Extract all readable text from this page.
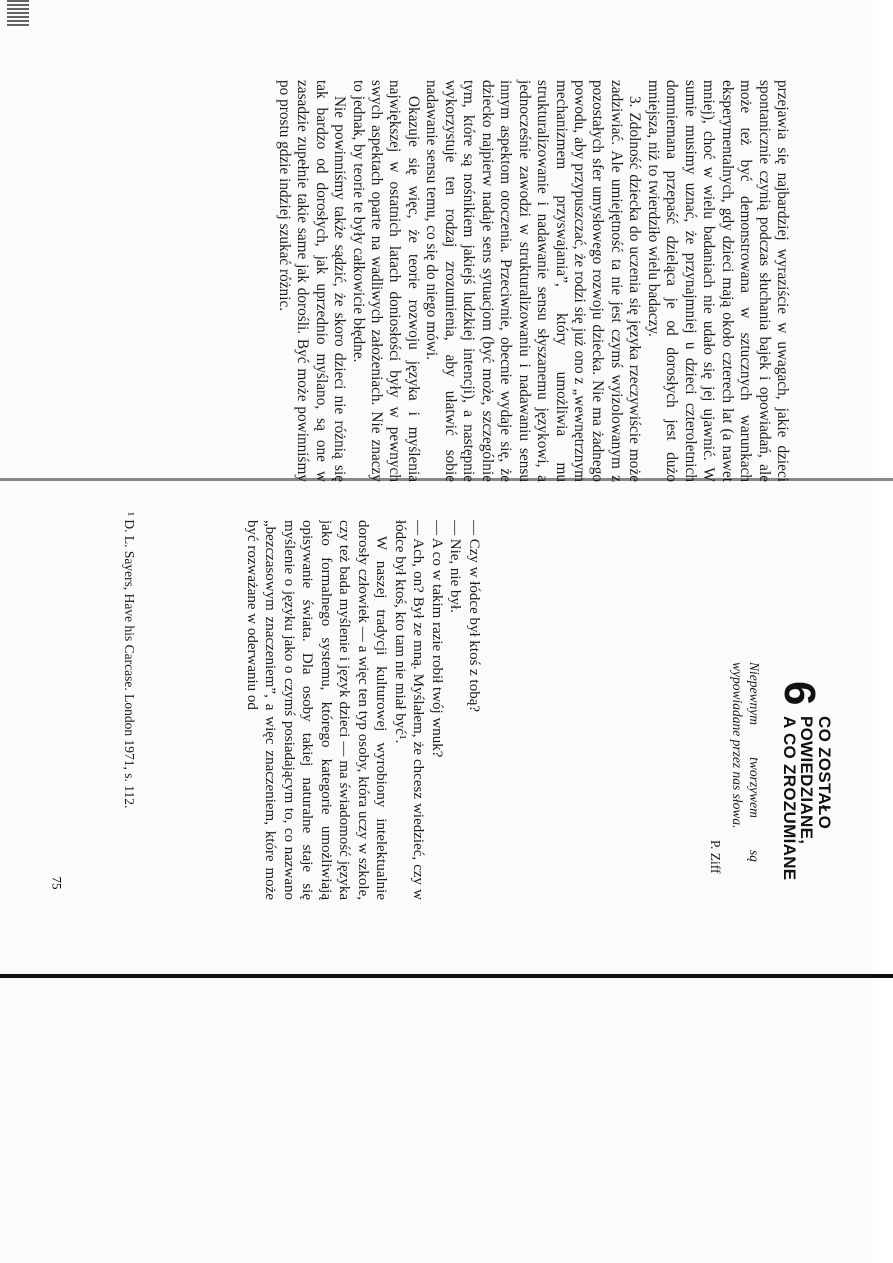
przejawia się najbardziej wyraziście w uwagach, jakie dzieci spontanicznie czynią podczas słuchania bajek i opowiadań, ale może też być demonstrowana w sztucznych warunkach eksperymentalnych, gdy dzieci mają około czterech lat (a nawet mniej), choć w wielu badaniach nie udało się jej ujawnić. W sumie musimy uznać, że przynajmniej u dzieci czteroletnich domniemana przepaść dzieląca je od dorosłych jest dużo mniejsza, niż to twierdziło wielu badaczy.

3. Zdolność dziecka do uczenia się języka rzeczywiście może zadziwiać. Ale umiejętność ta nie jest czymś wyizolowanym z pozostałych sfer umysłowego rozwoju dziecka. Nie ma żadnego powodu, aby przypuszczać, że rodzi się już ono z „wewnętrznym mechanizmem przyswajania”, który umożliwia mu strukturalizowanie i nadawanie sensu słyszanemu językowi, a jednocześnie zawodzi w strukturalizowaniu i nadawaniu sensu innym aspektom otoczenia. Przeciwnie, obecnie wydaje się, że dziecko najpierw nadaje sens sytuacjom (być może, szczególnie tym, które są nośnikiem jakiejś ludzkiej intencji), a następnie wykorzystuje ten rodzaj zrozumienia, aby ułatwić sobie nadawanie sensu temu, co się do niego mówi.

Okazuje się więc, że teorie rozwoju języka i myślenia największej w ostatnich latach doniosłości były w pewnych swych aspektach oparte na wadliwych założeniach. Nie znaczy to jednak, by teorie te były całkowicie błędne.

Nie powinniśmy także sądzić, że skoro dzieci nie różnią się tak bardzo od dorosłych, jak uprzednio myślano, są one w zasadzie zupełnie takie same jak dorośli. Być może powinniśmy po prostu gdzie indziej szukać różnic.

6
CO ZOSTAŁO
POWIEDZIANE,
A CO ZROZUMIANE
Niepewnym tworzywem są wypowiadane przez nas słowa.
P. Ziff
— Czy w łódce był ktoś z tobą?
— Nie, nie był.
— A co w takim razie robił twój wnuk?
— Ach, on? Był ze mną. Myślałem, że chcesz wiedzieć, czy w łódce był ktoś, kto tam nie miał być¹.
W naszej tradycji kulturowej wyrobiony intelektualnie dorosły człowiek — a więc ten typ osoby, która uczy w szkole, czy też bada myślenie i język dzieci — ma świadomość języka jako formalnego systemu, którego kategorie umożliwiają opisywanie świata. Dla osoby takiej naturalne staje się myślenie o języku jako o czymś posiadającym to, co nazwano „bezczasowym znaczeniem”, a więc znaczeniem, które może być rozważane w oderwaniu od
¹ D. L. Sayers, Have his Carcase. London 1971, s. 112.
75
